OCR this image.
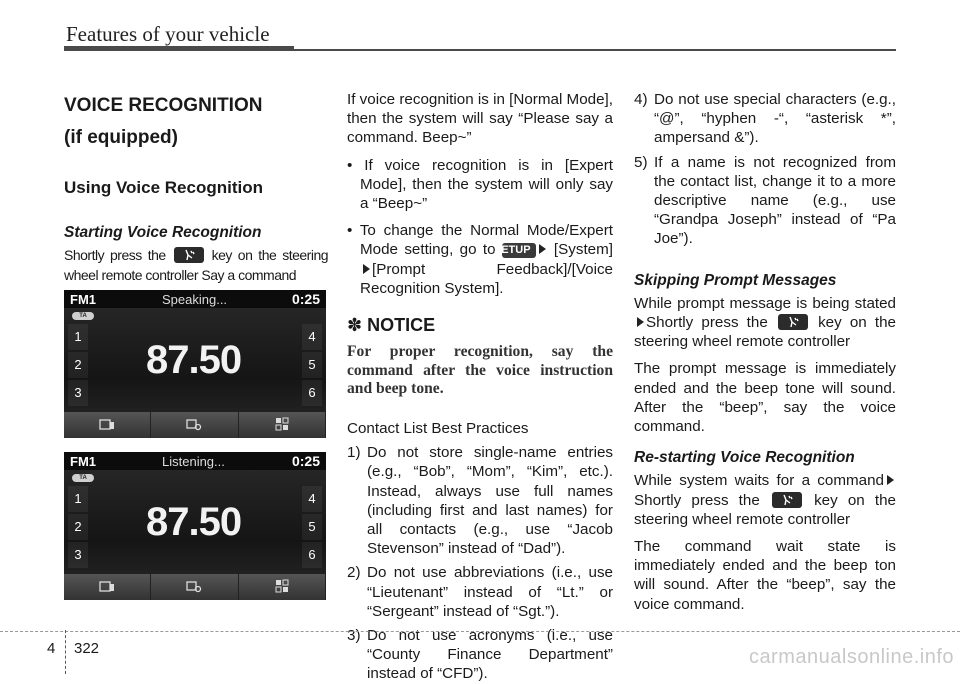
Features of your vehicle
VOICE RECOGNITION
(if equipped)
Using Voice Recognition
Starting Voice Recognition

Shortly press the	key on the steering wheel remote controller Say a command

FM1	Speaking...	0:25
TA
1
2
3
4
5
6
87.50
FM1	Listening...	0:25
TA
1
2
3
4
5
6
87.50

If voice recognition is in [Normal Mode], then the system will say “Please say a command. Beep~”

• If voice recognition is in [Expert Mode], then the system will only say a “Beep~”
• To change the Normal Mode/Expert Mode setting, go to SETUP [System][Prompt Feedback]/[Voice Recognition System].
✽ NOTICE
For proper recognition, say the command after the voice instruction and beep tone.

Contact List Best Practices

1) Do not store single-name entries (e.g., “Bob”, “Mom”, “Kim”, etc.). Instead, always use full names (including first and last names) for all contacts (e.g., use “Jacob Stevenson” instead of “Dad”).
2) Do not use abbreviations (i.e., use “Lieutenant” instead of “Lt.” or “Sergeant” instead of “Sgt.”).
3) Do not use acronyms (i.e., use “County Finance Department” instead of “CFD”).
4) Do not use special characters (e.g., “@”, “hyphen -“, “asterisk *”, ampersand &”).
5) If a name is not recognized from the contact list, change it to a more descriptive name (e.g., use “Grandpa Joseph” instead of “Pa Joe”).
Skipping Prompt Messages

While prompt message is being statedShortly press the	key on the steering wheel remote controller

The prompt message is immediately ended and the beep tone will sound. After the “beep”, say the voice command.

Re-starting Voice Recognition

While system waits for a command Shortly press the	key on the steering wheel remote controller

The command wait state is immediately ended and the beep ton will sound. After the “beep”, say the voice command.

4 322	carmanualsonline.info
